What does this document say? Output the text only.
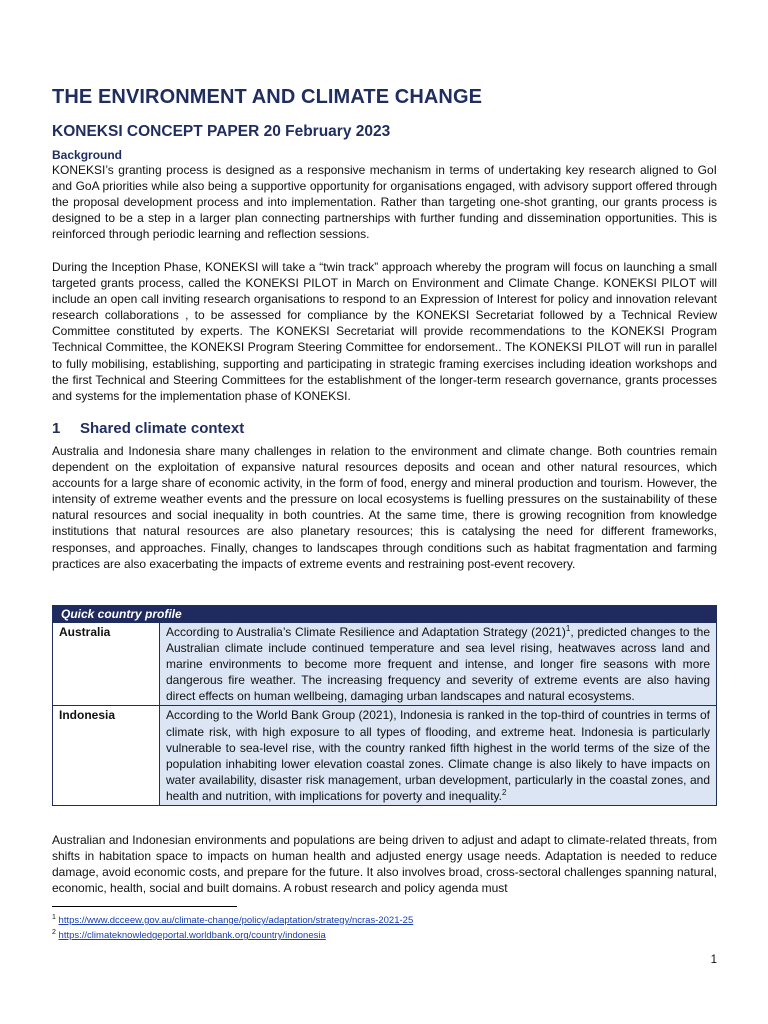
THE ENVIRONMENT AND CLIMATE CHANGE
KONEKSI CONCEPT PAPER 20 February 2023
Background

KONEKSI’s granting process is designed as a responsive mechanism in terms of undertaking key research aligned to GoI and GoA priorities while also being a supportive opportunity for organisations engaged, with advisory support offered through the proposal development process and into implementation. Rather than targeting one-shot granting, our grants process is designed to be a step in a larger plan connecting partnerships with further funding and dissemination opportunities. This is reinforced through periodic learning and reflection sessions.

During the Inception Phase, KONEKSI will take a “twin track” approach whereby the program will focus on launching a small targeted grants process, called the KONEKSI PILOT in March on Environment and Climate Change. KONEKSI PILOT will include an open call inviting research organisations to respond to an Expression of Interest for policy and innovation relevant research collaborations , to be assessed for compliance by the KONEKSI Secretariat followed by a Technical Review Committee constituted by experts. The KONEKSI Secretariat will provide recommendations to the KONEKSI Program Technical Committee, the KONEKSI Program Steering Committee for endorsement.. The KONEKSI PILOT will run in parallel to fully mobilising, establishing, supporting and participating in strategic framing exercises including ideation workshops and the first Technical and Steering Committees for the establishment of the longer-term research governance, grants processes and systems for the implementation phase of KONEKSI.

1 Shared climate context

Australia and Indonesia share many challenges in relation to the environment and climate change. Both countries remain dependent on the exploitation of expansive natural resources deposits and ocean and other natural resources, which accounts for a large share of economic activity, in the form of food, energy and mineral production and tourism. However, the intensity of extreme weather events and the pressure on local ecosystems is fuelling pressures on the sustainability of these natural resources and social inequality in both countries. At the same time, there is growing recognition from knowledge institutions that natural resources are also planetary resources; this is catalysing the need for different frameworks, responses, and approaches. Finally, changes to landscapes through conditions such as habitat fragmentation and farming practices are also exacerbating the impacts of extreme events and restraining post-event recovery.

Quick country profile	
Australia	According to Australia’s Climate Resilience and Adaptation Strategy (2021)$^1$, predicted changes to the Australian climate include continued temperature and sea level rising, heatwaves across land and marine environments to become more frequent and intense, and longer fire seasons with more dangerous fire weather. The increasing frequency and severity of extreme events are also having direct effects on human wellbeing, damaging urban landscapes and natural ecosystems.
Indonesia	According to the World Bank Group (2021), Indonesia is ranked in the top-third of countries in terms of climate risk, with high exposure to all types of flooding, and extreme heat. Indonesia is particularly vulnerable to sea-level rise, with the country ranked fifth highest in the world terms of the size of the population inhabiting lower elevation coastal zones. Climate change is also likely to have impacts on water availability, disaster risk management, urban development, particularly in the coastal zones, and health and nutrition, with implications for poverty and inequality.$^2$

Australian and Indonesian environments and populations are being driven to adjust and adapt to climate-related threats, from shifts in habitation space to impacts on human health and adjusted energy usage needs. Adaptation is needed to reduce damage, avoid economic costs, and prepare for the future. It also involves broad, cross-sectoral challenges spanning natural, economic, health, social and built domains. A robust research and policy agenda must

$^1$ https://www.dcceew.gov.au/climate-change/policy/adaptation/strategy/ncras-2021-25
$^2$ https://climateknowledgeportal.worldbank.org/country/indonesia
1
